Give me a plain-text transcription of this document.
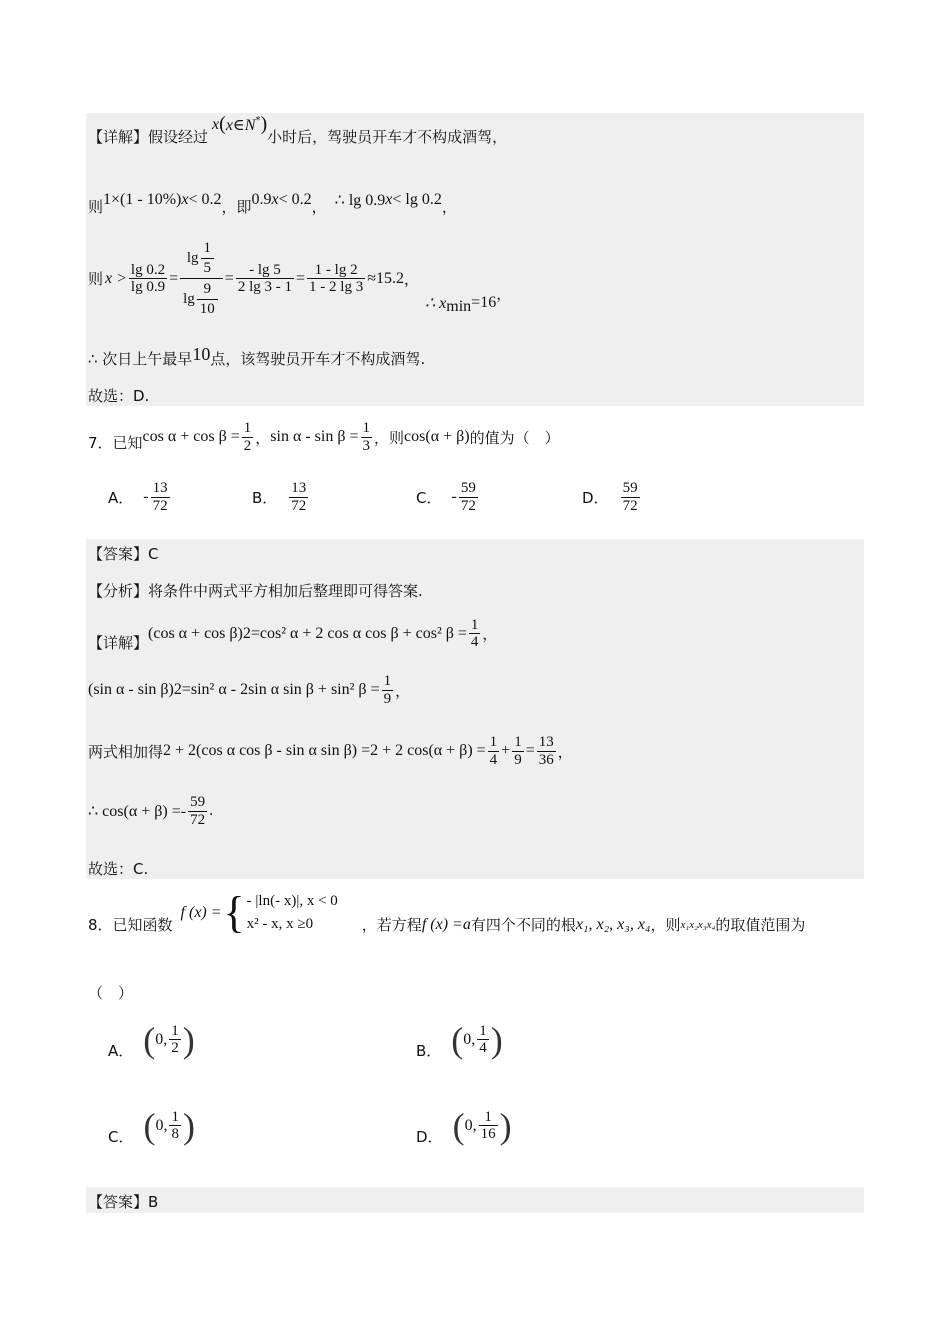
【详解】 假设经过
x ( x∈N* )
小时后，驾驶员开车才不构成酒驾，
则 1×(1 - 10%) x < 0.2 ，即 0.9 x < 0.2 ， ∴ lg 0.9 x < lg 0.2 ，
则 $x > \frac{\lg 0.2}{\lg 0.9} = \lg$
1
5
lg
9
$10 = \frac{- \lg 5}{2 \lg 3 - 1} = \frac{1 - \lg 2}{1 - 2 \lg 3} \approx 15.2$ ，
∴ x min =16 ，
∴ 次日上午最早 10 点，该驾驶员开车才不构成酒驾.
故选：D.
7．已知 $\cos \alpha + \cos \beta = \frac{1}{2}$ ， $\sin \alpha - \sin \beta = \frac{1}{3}$ ，则 cos(α + β) 的值为（　）
A． - 13
72	B．
13
72	C． - 59
72	D．
59
72
【答案】C
【分析】 将条件中两式平方相加后整理即可得答案.
【详解】
(cos α + cos β) 2 =cos² α + 2 cos α cos β + cos² $\beta = \frac{1}{4}$ ，
(sin α - sin β) 2 =sin² α - 2sin α sin β + sin² $\beta = \frac{1}{9}$ ，
两式相加得 2 + 2(cos α cos β - sin α sin β) =2 + 2 $\cos(\alpha + \beta) = \frac{1}{4} + \frac{1}{9} = \frac{13}{36}$ ，
∴ cos(α + β) =-
59
72
.
故选：C.
8．已知函数
f (x) = { - |ln(- x)|, x < 0
x² - x, x ≥0	，若方程 f (x) =a 有四个不同的根 x₁, x₂, x₃, x₄ ，则 x₁x₂x₃x₄ 的取值范围为
（　）
A． ( 0, 1
2 )	B． ( 0, 1
4 )
C． ( 0, 1
8 )	D． ( 0, 1
16 )
【答案】B
